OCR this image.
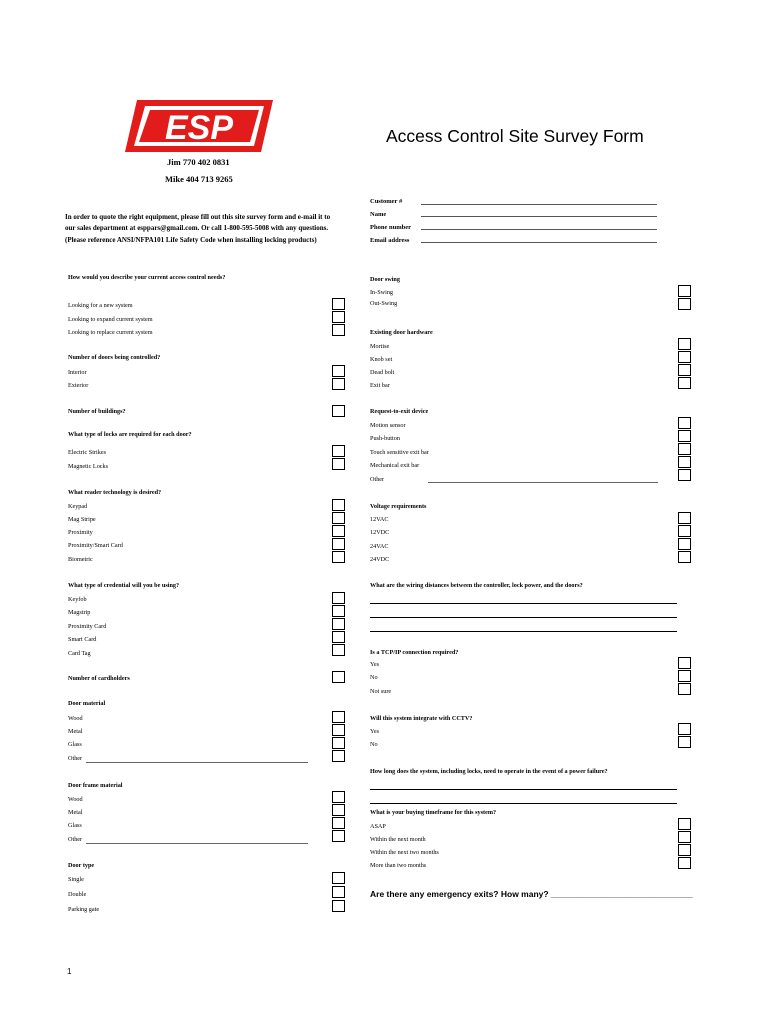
ESP	Access Control Site Survey Form
Jim 770 402 0831
Mike 404 713 9265
In order to quote the right equipment, please fill out this site survey form and e-mail it to
our sales department at esppars@gmail.com. Or call 1-800-595-5008 with any questions.
(Please reference ANSI/NFPA101 Life Safety Code when installing locking products)
Customer #
Name
Phone number
Email address
How would you describe your current access control needs?
Looking for a new system
Looking to expand current system
Looking to replace current system
Number of doors being controlled?
Interior
Exterior
Number of buildings?
What type of locks are required for each door?
Electric Strikes
Magnetic Locks
What reader technology is desired?
Keypad
Mag Stripe
Proximity
Proximity/Smart Card
Biometric
What type of credential will you be using?
Keyfob
Magstrip
Proximity Card
Smart Card
Card Tag
Number of cardholders
Door material
Wood
Metal
Glass
Other
Door frame material
Wood
Metal
Glass
Other
Door type
Single
Double
Parking gate
Door swing
In-Swing
Out-Swing
Existing door hardware
Mortise
Knob set
Dead bolt
Exit bar
Request-to-exit device
Motion sensor
Push-button
Touch sensitive exit bar
Mechanical exit bar
Other
Voltage requirements
12VAC
12VDC
24VAC
24VDC
What are the wiring distances between the controller, lock power, and the doors?
Is a TCP/IP connection required?
Yes
No
Not sure
Will this system integrate with CCTV?
Yes
No
How long does the system, including locks, need to operate in the event of a power failure?
What is your buying timeframe for this system?
ASAP
Within the next month
Within the next two months
More than two months
Are there any emergency exits? How many? ______________________________
1
